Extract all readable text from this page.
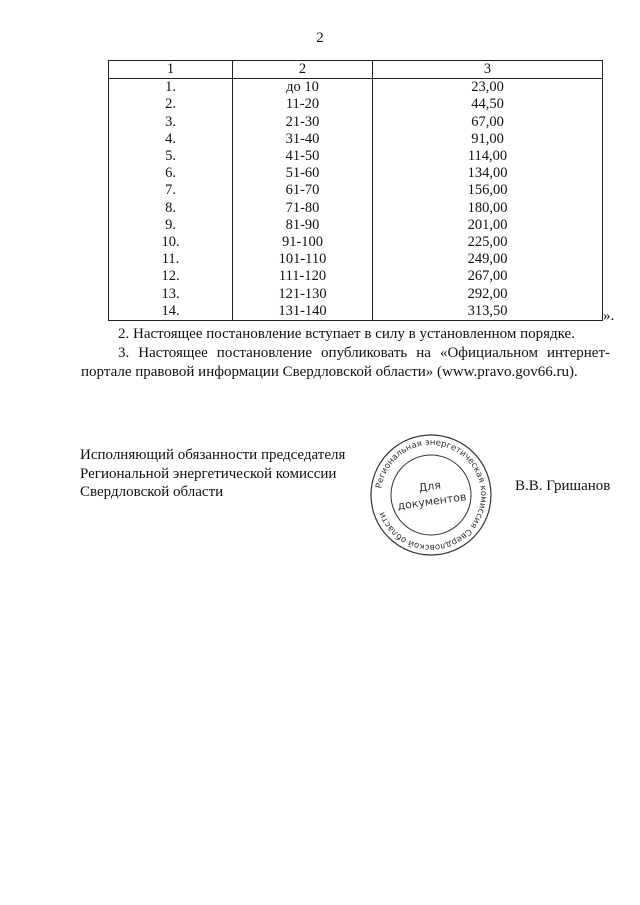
2
1	2	3
1.	до 10	23,00
2.	11-20	44,50
3.	21-30	67,00
4.	31-40	91,00
5.	41-50	114,00
6.	51-60	134,00
7.	61-70	156,00
8.	71-80	180,00
9.	81-90	201,00
10.	91-100	225,00
11.	101-110	249,00
12.	111-120	267,00
13.	121-130	292,00
14.	131-140	313,50	».
2. Настоящее постановление вступает в силу в установленном порядке.
3. Настоящее постановление опубликовать на «Официальном интернет-портале правовой информации Свердловской области» (www.pravo.gov66.ru).
Исполняющий обязанности председателя
Региональной энергетической комиссии
Свердловской области	Региональная энергетическая комиссия Свердловской области
Для
документов
В.В. Гришанов
